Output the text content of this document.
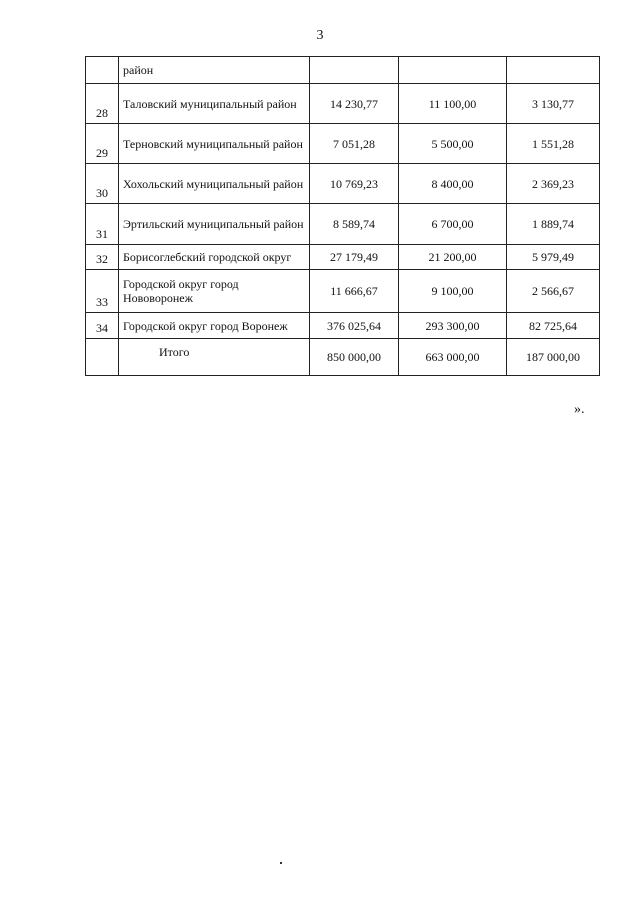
3
	район			
28	Таловский муниципальный район	14 230,77	11 100,00	3 130,77
29	Терновский муниципальный район	7 051,28	5 500,00	1 551,28
30	Хохольский муниципальный район	10 769,23	8 400,00	2 369,23
31	Эртильский муниципальный район	8 589,74	6 700,00	1 889,74
32	Борисоглебский городской округ	27 179,49	21 200,00	5 979,49
33	Городской округ город Нововоронеж	11 666,67	9 100,00	2 566,67
34	Городской округ город Воронеж	376 025,64	293 300,00	82 725,64
	Итого	850 000,00	663 000,00	187 000,00
».
